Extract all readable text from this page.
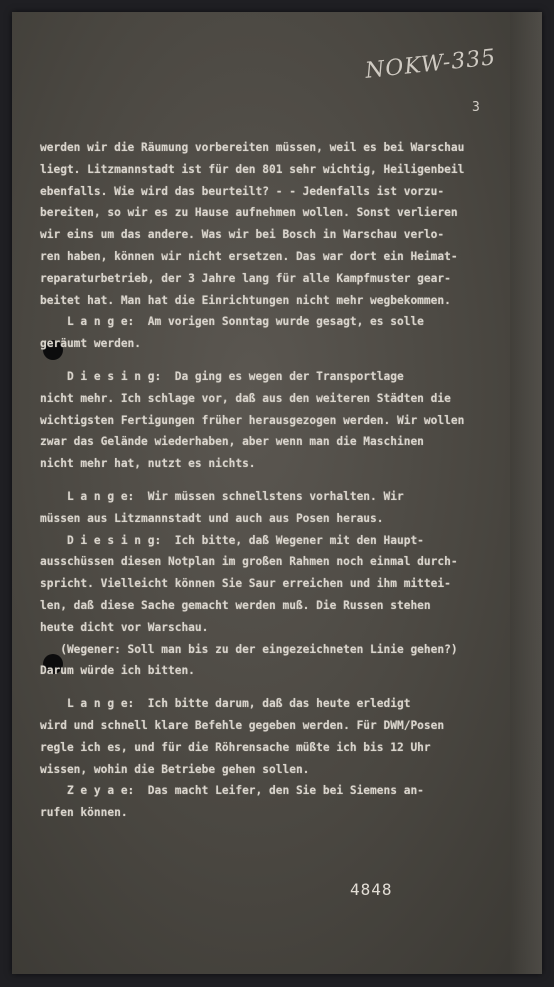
NOKW-335
3
werden wir die Räumung vorbereiten müssen, weil es bei Warschau
liegt. Litzmannstadt ist für den 801 sehr wichtig, Heiligenbeil
ebenfalls. Wie wird das beurteilt? - - Jedenfalls ist vorzu-
bereiten, so wir es zu Hause aufnehmen wollen. Sonst verlieren
wir eins um das andere. Was wir bei Bosch in Warschau verlo-
ren haben, können wir nicht ersetzen. Das war dort ein Heimat-
reparaturbetrieb, der 3 Jahre lang für alle Kampfmuster gear-
beitet hat. Man hat die Einrichtungen nicht mehr wegbekommen.
L a n g e:  Am vorigen Sonntag wurde gesagt, es solle
geräumt werden.
D i e s i n g:  Da ging es wegen der Transportlage
nicht mehr. Ich schlage vor, daß aus den weiteren Städten die
wichtigsten Fertigungen früher herausgezogen werden. Wir wollen
zwar das Gelände wiederhaben, aber wenn man die Maschinen
nicht mehr hat, nutzt es nichts.
L a n g e:  Wir müssen schnellstens vorhalten. Wir
müssen aus Litzmannstadt und auch aus Posen heraus.
D i e s i n g:  Ich bitte, daß Wegener mit den Haupt-
ausschüssen diesen Notplan im großen Rahmen noch einmal durch-
spricht. Vielleicht können Sie Saur erreichen und ihm mittei-
len, daß diese Sache gemacht werden muß. Die Russen stehen
heute dicht vor Warschau.
(Wegener: Soll man bis zu der eingezeichneten Linie gehen?)
Darum würde ich bitten.
L a n g e:  Ich bitte darum, daß das heute erledigt
wird und schnell klare Befehle gegeben werden. Für DWM/Posen
regle ich es, und für die Röhrensache müßte ich bis 12 Uhr
wissen, wohin die Betriebe gehen sollen.
Z e y a e:  Das macht Leifer, den Sie bei Siemens an-
rufen können.
4848
